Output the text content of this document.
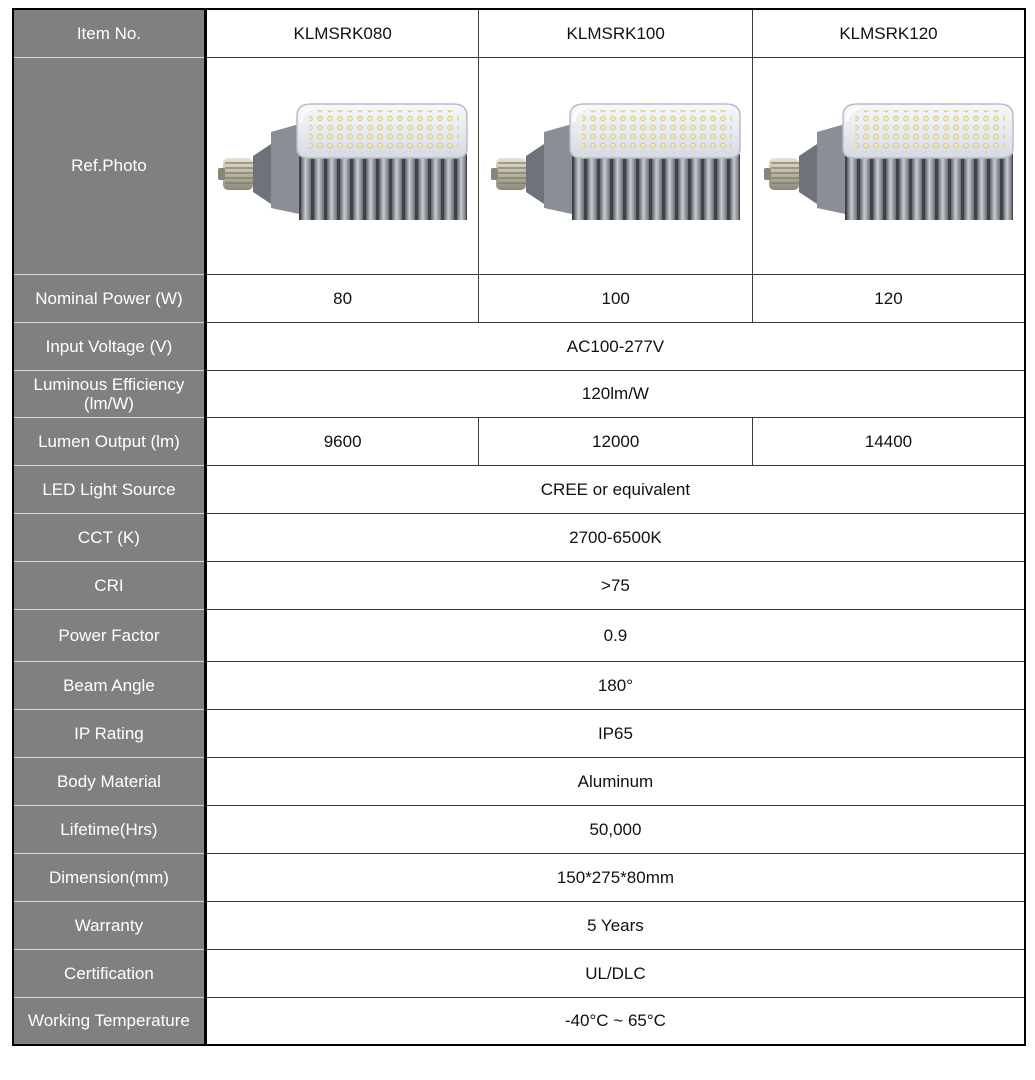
Item No.	KLMSRK080	KLMSRK100	KLMSRK120
Ref.Photo	

Nominal Power (W)	80	100	120
Input Voltage (V)	AC100-277V		
Luminous Efficiency (lm/W)	120lm/W		
Lumen Output (lm)	9600	12000	14400
LED Light Source	CREE or equivalent		
CCT (K)	2700-6500K		
CRI	>75		
Power Factor	0.9		
Beam Angle	180°		
IP Rating	IP65		
Body Material	Aluminum		
Lifetime(Hrs)	50,000		
Dimension(mm)	150*275*80mm		
Warranty	5 Years		
Certification	UL/DLC		
Working Temperature	-40°C ~ 65°C		
